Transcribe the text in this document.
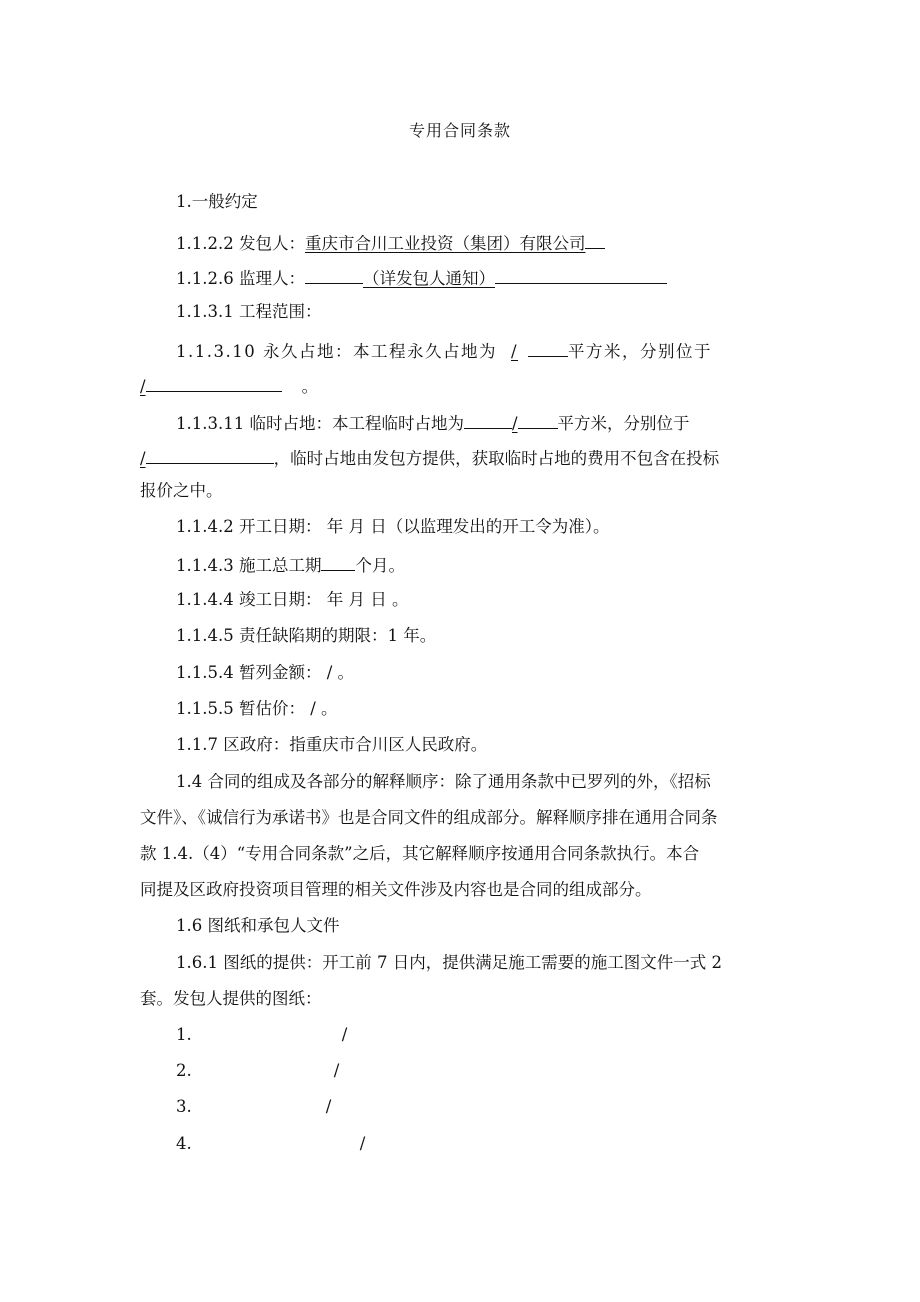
专用合同条款
1.一般约定
1.1.2.2 发包人：重庆市合川工业投资（集团）有限公司
1.1.2.6 监理人：	（详发包人通知）
1.1.3.1 工程范围：
1.1.3.10 永久占地：本工程永久占地为 /	平方米，分别位于
/	。
1.1.3.11 临时占地：本工程临时占地为	/ 平方米，分别位于
/	，临时占地由发包方提供，获取临时占地的费用不包含在投标
报价之中。
1.1.4.2 开工日期： 年 月 日（以监理发出的开工令为准）。
1.1.4.3 施工总工期 个月。
1.1.4.4 竣工日期： 年 月 日 。
1.1.4.5 责任缺陷期的期限：1 年。
1.1.5.4 暂列金额： / 。
1.1.5.5 暂估价： / 。
1.1.7 区政府：指重庆市合川区人民政府。
1.4 合同的组成及各部分的解释顺序：除了通用条款中已罗列的外，《招标
文件》、《诚信行为承诺书》也是合同文件的组成部分。解释顺序排在通用合同条
款 1.4.（4）“专用合同条款”之后，其它解释顺序按通用合同条款执行。本合
同提及区政府投资项目管理的相关文件涉及内容也是合同的组成部分。
1.6 图纸和承包人文件
1.6.1 图纸的提供：开工前 7 日内，提供满足施工需要的施工图文件一式 2
套。发包人提供的图纸：
1.	/
2.	/
3.	/
4.	/
